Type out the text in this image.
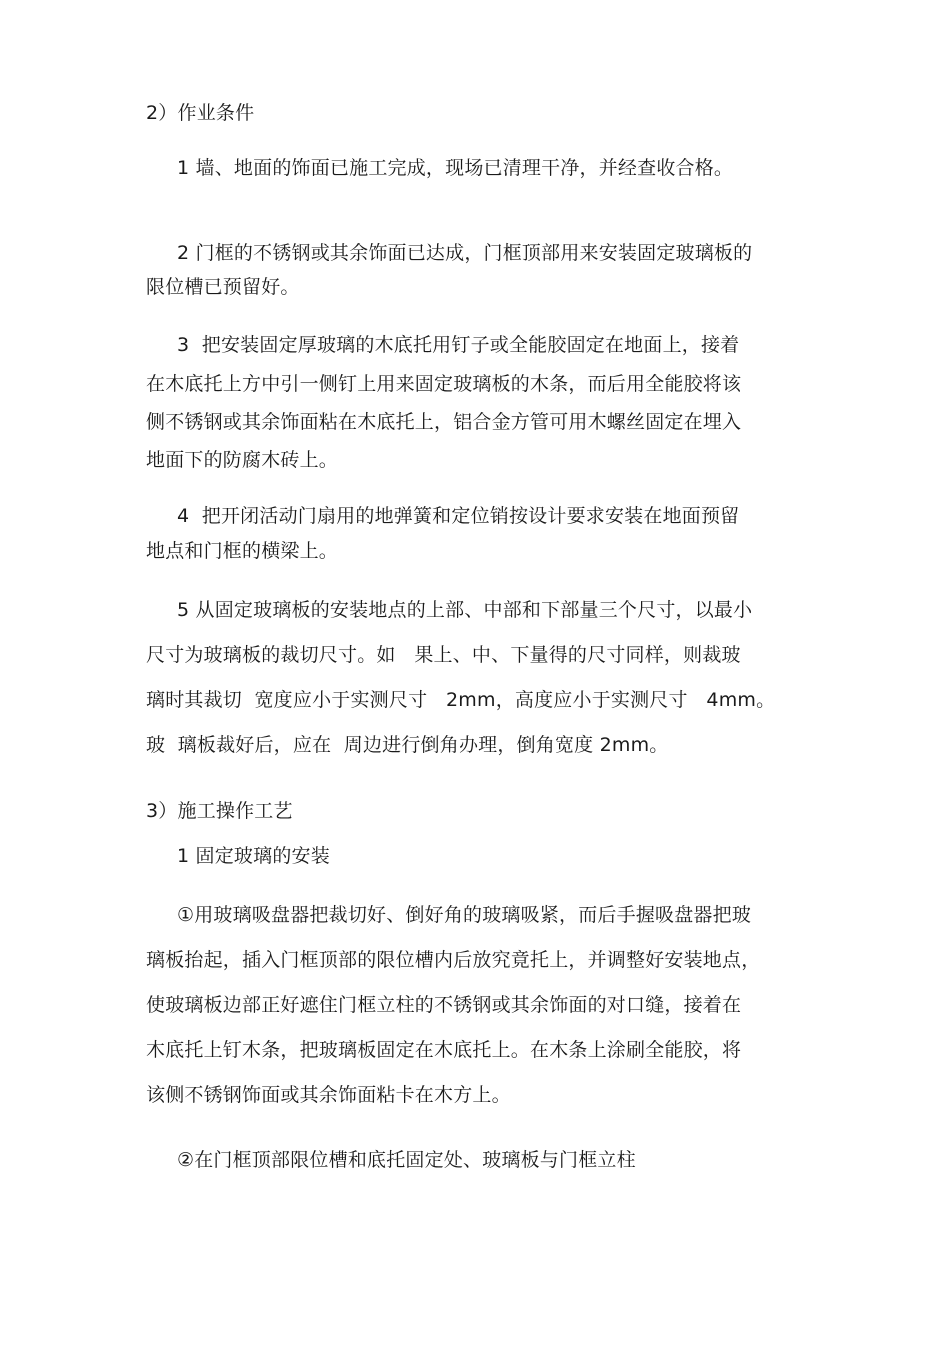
2）作业条件
1 墙、地面的饰面已施工完成，现场已清理干净，并经查收合格。
2 门框的不锈钢或其余饰面已达成，门框顶部用来安装固定玻璃板的
限位槽已预留好。
3  把安装固定厚玻璃的木底托用钉子或全能胶固定在地面上，接着
在木底托上方中引一侧钉上用来固定玻璃板的木条，而后用全能胶将该
侧不锈钢或其余饰面粘在木底托上，铝合金方管可用木螺丝固定在埋入
地面下的防腐木砖上。
4  把开闭活动门扇用的地弹簧和定位销按设计要求安装在地面预留
地点和门框的横梁上。
5 从固定玻璃板的安装地点的上部、中部和下部量三个尺寸，以最小
尺寸为玻璃板的裁切尺寸。如   果上、中、下量得的尺寸同样，则裁玻
璃时其裁切  宽度应小于实测尺寸   2mm，高度应小于实测尺寸   4mm。
玻  璃板裁好后，应在  周边进行倒角办理，倒角宽度 2mm。
3）施工操作工艺
1 固定玻璃的安装
①用玻璃吸盘器把裁切好、倒好角的玻璃吸紧，而后手握吸盘器把玻
璃板抬起，插入门框顶部的限位槽内后放究竟托上，并调整好安装地点，
使玻璃板边部正好遮住门框立柱的不锈钢或其余饰面的对口缝，接着在
木底托上钉木条，把玻璃板固定在木底托上。在木条上涂刷全能胶，将
该侧不锈钢饰面或其余饰面粘卡在木方上。
②在门框顶部限位槽和底托固定处、玻璃板与门框立柱
